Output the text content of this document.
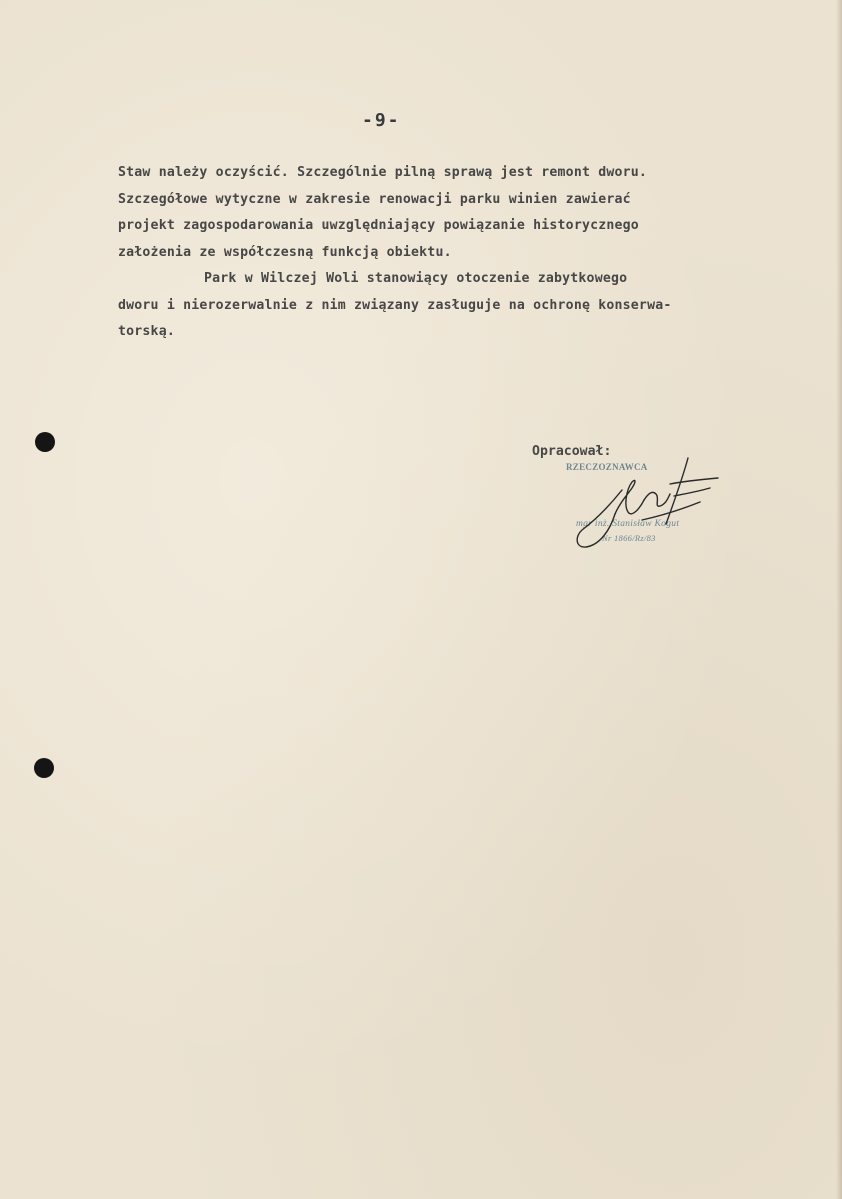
-9-
Staw należy oczyścić. Szczególnie pilną sprawą jest remont dworu.
Szczegółowe wytyczne w zakresie renowacji parku winien zawierać
projekt zagospodarowania uwzględniający powiązanie historycznego
założenia ze współczesną funkcją obiektu.
Park w Wilczej Woli stanowiący otoczenie zabytkowego
dworu i nierozerwalnie z nim związany zasługuje na ochronę konserwa-
torską.
Opracował:
RZECZOZNAWCA
mgr inż. Stanisław Kogut
Nr 1866/Rz/83
